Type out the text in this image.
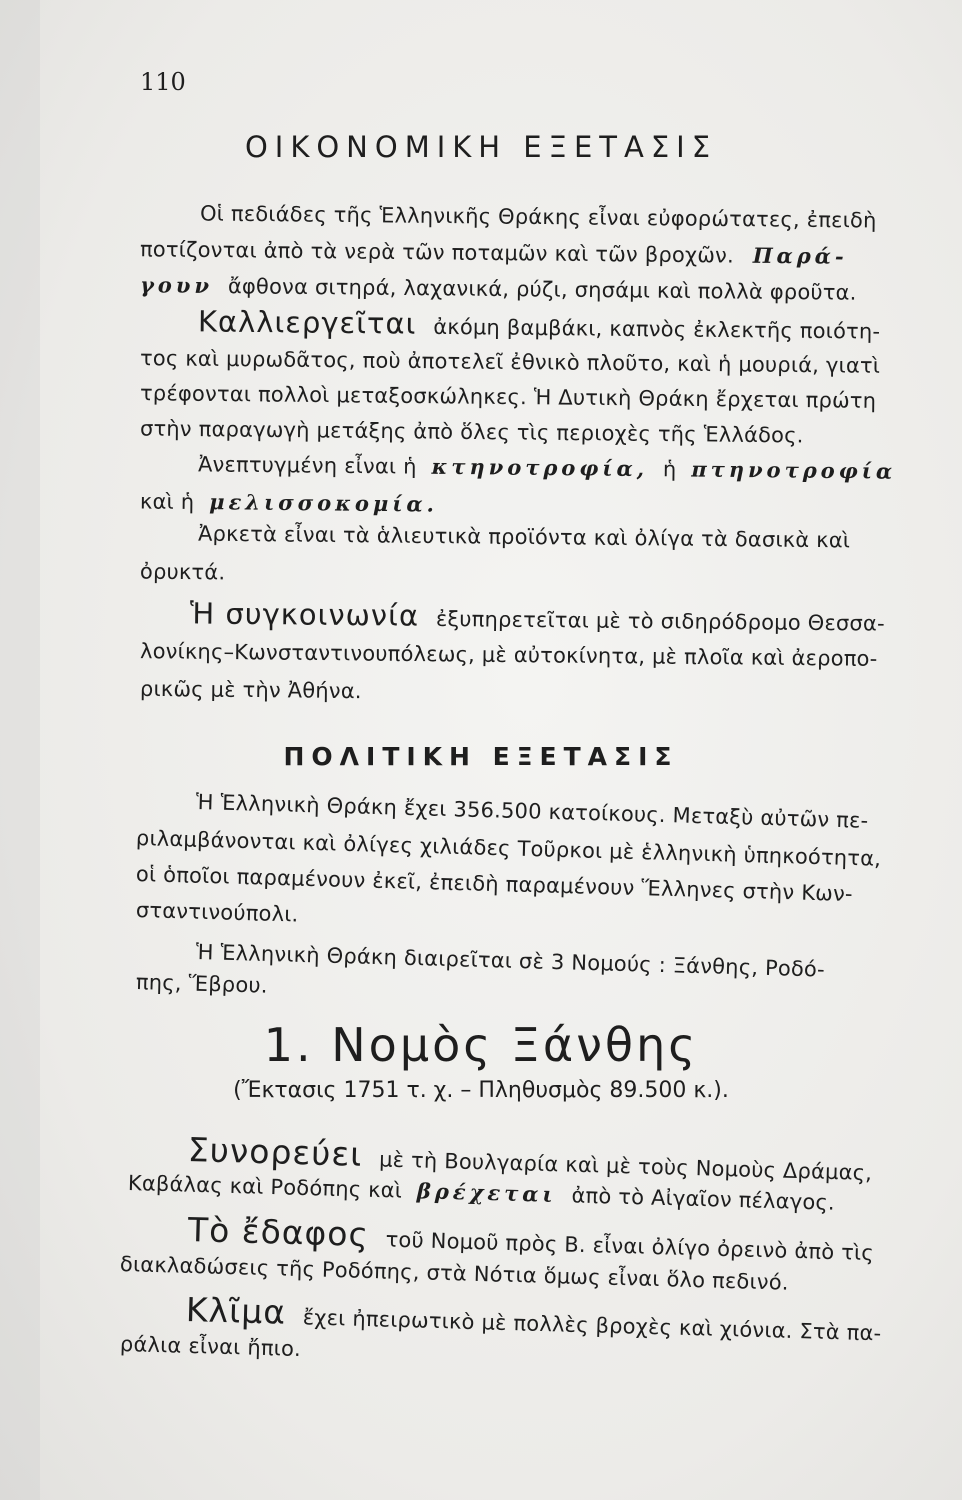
110
ΟΙΚΟΝΟΜΙΚΗ ΕΞΕΤΑΣΙΣ
Οἱ πεδιάδες τῆς Ἑλληνικῆς Θράκης εἶναι εὐφορώτατες, ἐπειδὴ
ποτίζονται ἀπὸ τὰ νερὰ τῶν ποταμῶν καὶ τῶν βροχῶν. Παρά-
γουν ἄφθονα σιτηρά, λαχανικά, ρύζι, σησάμι καὶ πολλὰ φροῦτα.
Καλλιεργεῖται ἀκόμη βαμβάκι, καπνὸς ἐκλεκτῆς ποιότη-
τος καὶ μυρωδᾶτος, ποὺ ἀποτελεῖ ἐθνικὸ πλοῦτο, καὶ ἡ μουριά, γιατὶ
τρέφονται πολλοὶ μεταξοσκώληκες. Ἡ Δυτικὴ Θράκη ἔρχεται πρώτη
στὴν παραγωγὴ μετάξης ἀπὸ ὅλες τὶς περιοχὲς τῆς Ἑλλάδος.
Ἀνεπτυγμένη εἶναι ἡ κτηνοτροφία, ἡ πτηνοτροφία
καὶ ἡ μελισσοκομία.
Ἀρκετὰ εἶναι τὰ ἁλιευτικὰ προϊόντα καὶ ὀλίγα τὰ δασικὰ καὶ
ὀρυκτά.
Ἡ συγκοινωνία ἐξυπηρετεῖται μὲ τὸ σιδηρόδρομο Θεσσα-
λονίκης–Κωνσταντινουπόλεως, μὲ αὐτοκίνητα, μὲ πλοῖα καὶ ἀεροπο-
ρικῶς μὲ τὴν Ἀθήνα.
ΠΟΛΙΤΙΚΗ ΕΞΕΤΑΣΙΣ
Ἡ Ἑλληνικὴ Θράκη ἔχει 356.500 κατοίκους. Μεταξὺ αὐτῶν πε-
ριλαμβάνονται καὶ ὀλίγες χιλιάδες Τοῦρκοι μὲ ἑλληνικὴ ὑπηκοότητα,
οἱ ὁποῖοι παραμένουν ἐκεῖ, ἐπειδὴ παραμένουν Ἕλληνες στὴν Κων-
σταντινούπολι.
Ἡ Ἑλληνικὴ Θράκη διαιρεῖται σὲ 3 Νομούς : Ξάνθης, Ροδό-
πης, Ἕβρου.
1. Νομὸς Ξάνθης
(Ἔκτασις 1751 τ. χ. – Πληθυσμὸς 89.500 κ.).
Συνορεύει μὲ τὴ Βουλγαρία καὶ μὲ τοὺς Νομοὺς Δράμας,
Καβάλας καὶ Ροδόπης καὶ βρέχεται ἀπὸ τὸ Αἰγαῖον πέλαγος.
Τὸ ἔδαφος τοῦ Νομοῦ πρὸς Β. εἶναι ὀλίγο ὀρεινὸ ἀπὸ τὶς
διακλαδώσεις τῆς Ροδόπης, στὰ Νότια ὅμως εἶναι ὅλο πεδινό.
Κλῖμα ἔχει ἠπειρωτικὸ μὲ πολλὲς βροχὲς καὶ χιόνια. Στὰ πα-
ράλια εἶναι ἤπιο.
